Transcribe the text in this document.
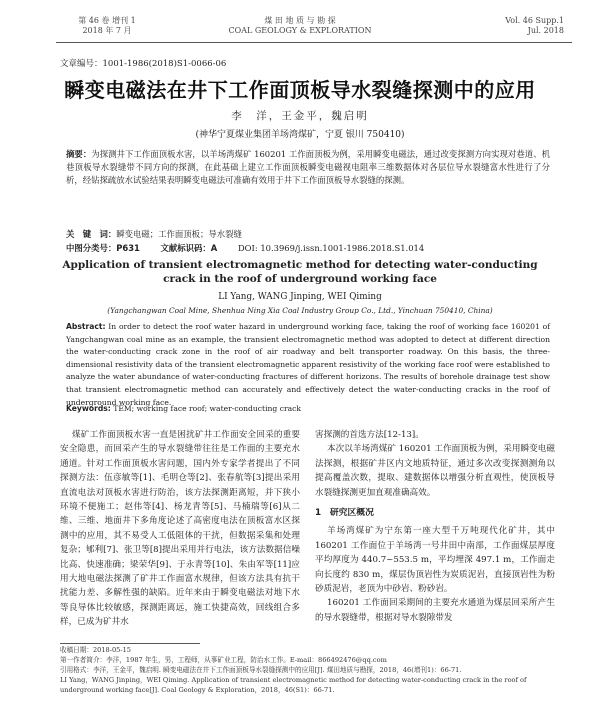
第 46 卷 增刊 1
2018 年 7 月
煤 田 地 质 与 勘 探
COAL GEOLOGY & EXPLORATION
Vol. 46 Supp.1
Jul. 2018
文章编号：1001-1986(2018)S1-0066-06
瞬变电磁法在井下工作面顶板导水裂缝探测中的应用
李　洋，王金平，魏启明
(神华宁夏煤业集团羊场湾煤矿，宁夏 银川 750410)
摘要：为探测井下工作面顶板水害，以羊场湾煤矿 160201 工作面顶板为例，采用瞬变电磁法，通过改变探测方向实现对巷道、机巷顶板导水裂缝带不同方向的探测，在此基础上建立工作面顶板瞬变电磁视电阻率三维数据体对各层位导水裂缝富水性进行了分析，经钻探疏放水试验结果表明瞬变电磁法可准确有效用于井下工作面顶板导水裂缝的探测。
关　键　词：瞬变电磁；工作面顶板；导水裂缝
中图分类号：P631 文献标识码：A DOI: 10.3969/j.issn.1001-1986.2018.S1.014
Application of transient electromagnetic method for detecting water-conducting crack in the roof of underground working face
LI Yang, WANG Jinping, WEI Qiming
(Yangchangwan Coal Mine, Shenhua Ning Xia Coal Industry Group Co., Ltd., Yinchuan 750410, China)
Abstract: In order to detect the roof water hazard in underground working face, taking the roof of working face 160201 of Yangchangwan coal mine as an example, the transient electromagnetic method was adopted to detect at different direction the water-conducting crack zone in the roof of air roadway and belt transporter roadway. On this basis, the three-dimensional resistivity data of the transient electromagnetic apparent resistivity of the working face roof were established to analyze the water abundance of water-conducting fractures of different horizons. The results of borehole drainage test show that transient electromagnetic method can accurately and effectively detect the water-conducting cracks in the roof of underground working face.
Keywords: TEM; working face roof; water-conducting crack

煤矿工作面顶板水害一直是困扰矿井工作面安全回采的重要安全隐患，而回采产生的导水裂缝带往往是工作面的主要充水通道。针对工作面顶板水害问题，国内外专家学者提出了不同探测方法：伍彦敏等[1]、毛明仓等[2]、张春航等[3]提出采用直流电法对顶板水害进行防治，该方法探测距离短，并下狭小环境不便施工；赵伟等[4]、杨龙青等[5]、马楠瑞等[6]从二维、三维、地面井下多角度论述了高密度电法在顶板富水区探测中的应用，其不易受人工低阻体的干扰，但数据采集和处理复杂；郇利[7]、张卫等[8]提出采用并行电法，该方法数据信噪比高、快速准确；梁荣华[9]、于永青等[10]、朱由军等[11]应用大地电磁法探测了矿井工作面富水规律，但该方法具有抗干扰能力差、多解性强的缺陷。近年来由于瞬变电磁法对地下水等良导体比较敏感，探测距离远，施工快捷高效，回线组合多样，已成为矿井水

害探测的首选方法[12-13]。

本次以羊场湾煤矿 160201 工作面顶板为例，采用瞬变电磁法探测，根据矿井区内文地质特征，通过多次改变探测测角以提高覆盖次数，提取、建数据体以增强分析直观性，使顶板导水裂缝探测更加直观准确高效。

1　研究区概况

羊场湾煤矿为宁东第一座大型千万吨现代化矿井，其中 160201 工作面位于羊场湾一号井田中南部，工作面煤层厚度平均厚度为 440.7~553.5 m，平均埋深 497.1 m，工作面走向长度约 830 m，煤层伪顶岩性为炭质泥岩，直接顶岩性为粉砂质泥岩，老顶为中砂岩、粉砂岩。

160201 工作面回采期间的主要充水通道为煤层回采所产生的导水裂缝带，根据对导水裂隙带发

收稿日期：2018-05-15
第一作者简介：李洋，1987 年生，男，工程师，从事矿业工程，防治水工作。E-mail：866492476@qq.com
引用格式：李洋，王金平，魏启明. 瞬变电磁法在井下工作面顶板导水裂缝探测中的应用[J]. 煤田地质与勘探，2018，46(增刊1)：66-71.
LI Yang，WANG Jinping，WEI Qiming. Application of transient electromagnetic method for detecting water-conducting crack in the roof of underground working face[J]. Coal Geology & Exploration，2018，46(S1)：66-71.
